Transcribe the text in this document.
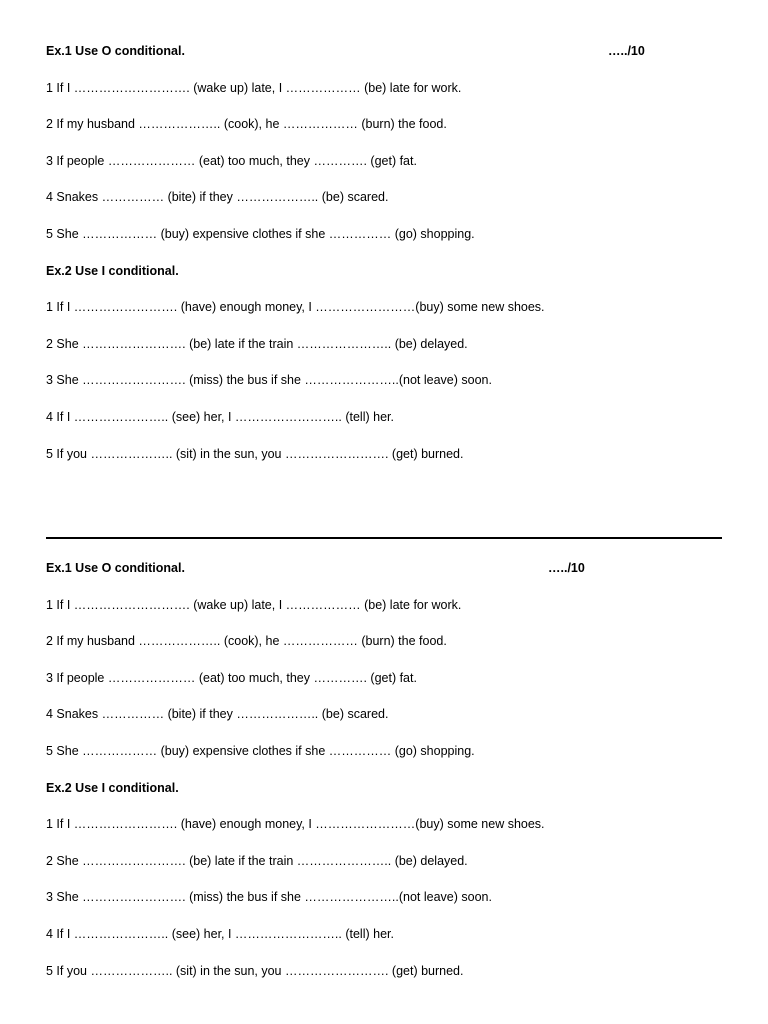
Ex.1 Use O conditional.	…../10
1 If I ………………………. (wake up) late, I ……………… (be) late for work.
2 If my husband ……………….. (cook), he ……………… (burn) the food.
3 If people ………………… (eat) too much, they …………. (get) fat.
4 Snakes …………… (bite) if they ……………….. (be) scared.
5 She ……………… (buy) expensive clothes if she …………… (go) shopping.
Ex.2 Use I conditional.
1 If I ……………………. (have) enough money, I ……………………(buy) some new shoes.
2 She ……………………. (be) late if the train ………………….. (be) delayed.
3 She ……………………. (miss) the bus if she …………………..(not leave) soon.
4 If I ………………….. (see) her, I …………………….. (tell) her.
5 If you ……………….. (sit) in the sun, you ……………………. (get) burned.
Ex.1 Use O conditional.	…../10
1 If I ………………………. (wake up) late, I ……………… (be) late for work.
2 If my husband ……………….. (cook), he ……………… (burn) the food.
3 If people ………………… (eat) too much, they …………. (get) fat.
4 Snakes …………… (bite) if they ……………….. (be) scared.
5 She ……………… (buy) expensive clothes if she …………… (go) shopping.
Ex.2 Use I conditional.
1 If I ……………………. (have) enough money, I ……………………(buy) some new shoes.
2 She ……………………. (be) late if the train ………………….. (be) delayed.
3 She ……………………. (miss) the bus if she …………………..(not leave) soon.
4 If I ………………….. (see) her, I …………………….. (tell) her.
5 If you ……………….. (sit) in the sun, you ……………………. (get) burned.
